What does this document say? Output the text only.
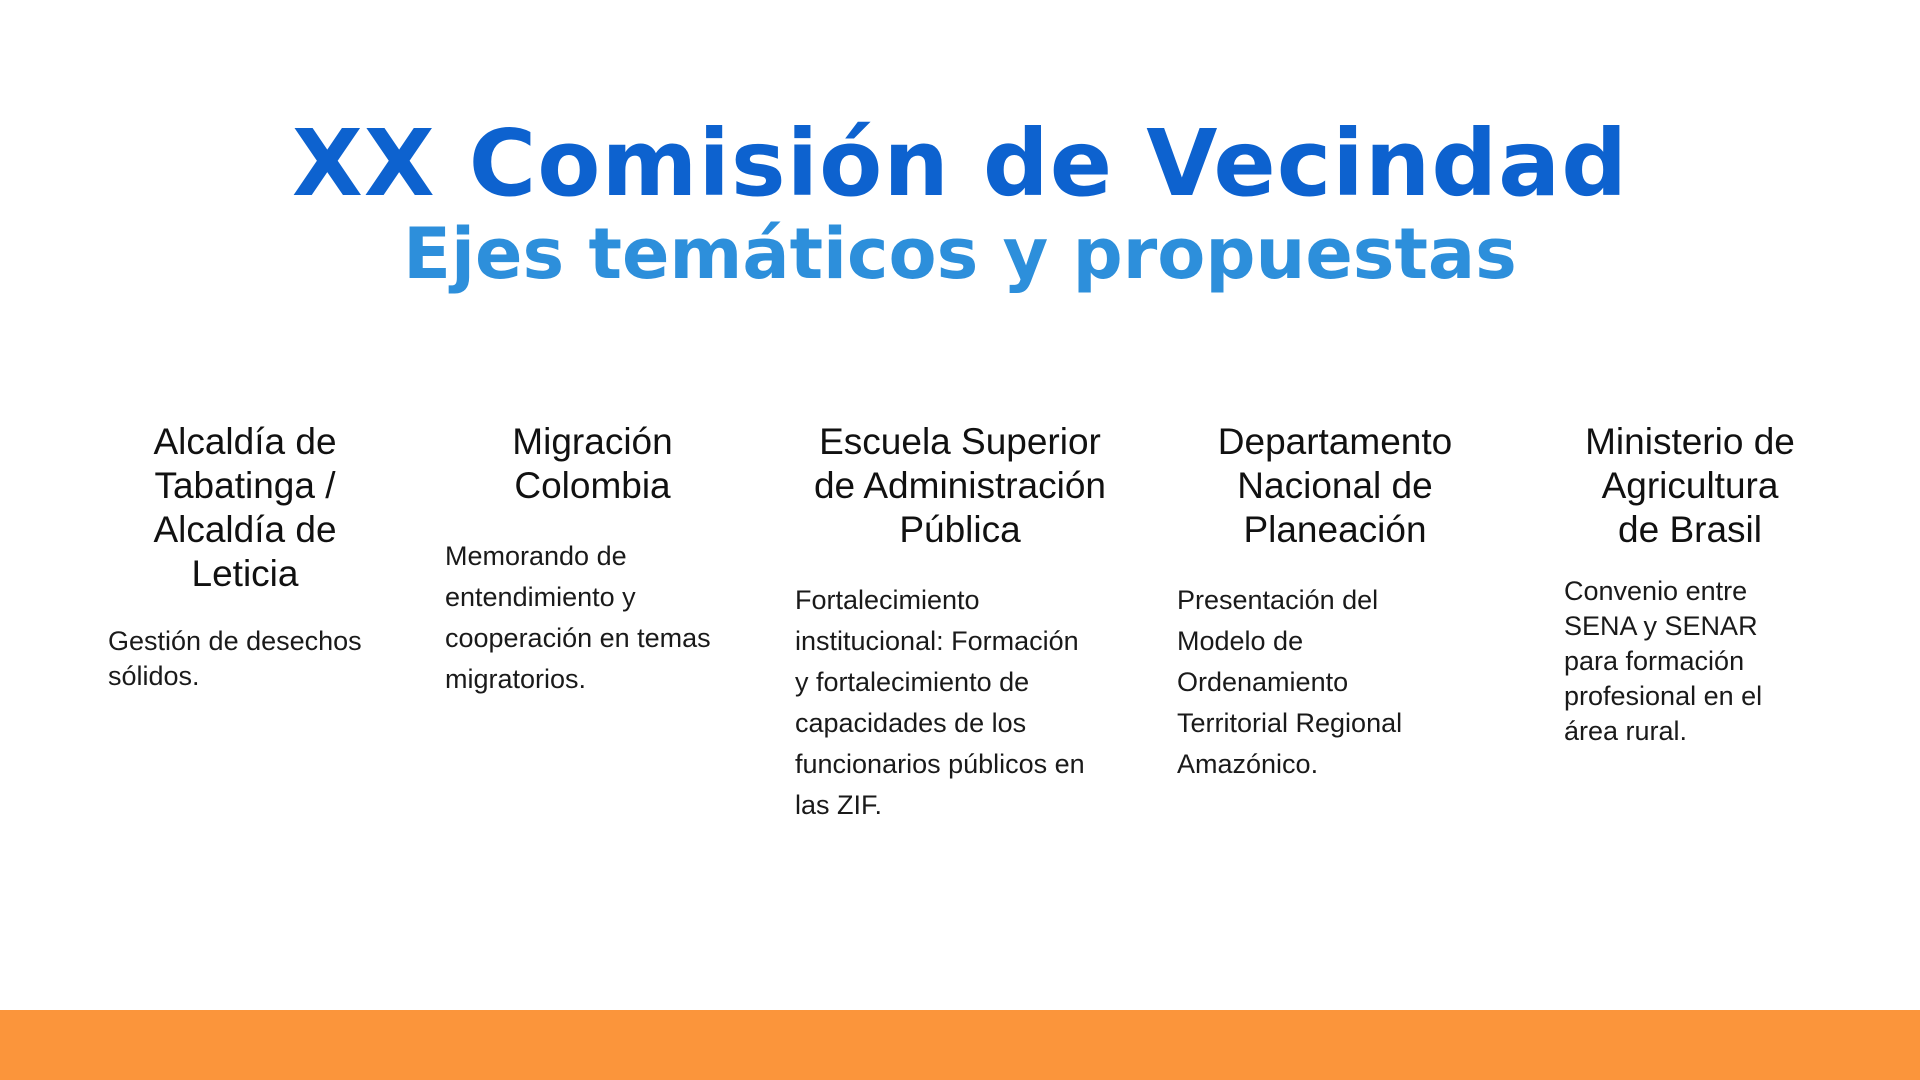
XX Comisión de Vecindad
Ejes temáticos y propuestas
Alcaldía de
Tabatinga /
Alcaldía de
Leticia
Gestión de desechos
sólidos.
Migración
Colombia
Memorando de
entendimiento y
cooperación en temas
migratorios.
Escuela Superior
de Administración
Pública
Fortalecimiento
institucional: Formación
y fortalecimiento de
capacidades de los
funcionarios públicos en
las ZIF.
Departamento
Nacional de
Planeación
Presentación del
Modelo de
Ordenamiento
Territorial Regional
Amazónico.
Ministerio de
Agricultura
de Brasil
Convenio entre
SENA y SENAR
para formación
profesional en el
área rural.
